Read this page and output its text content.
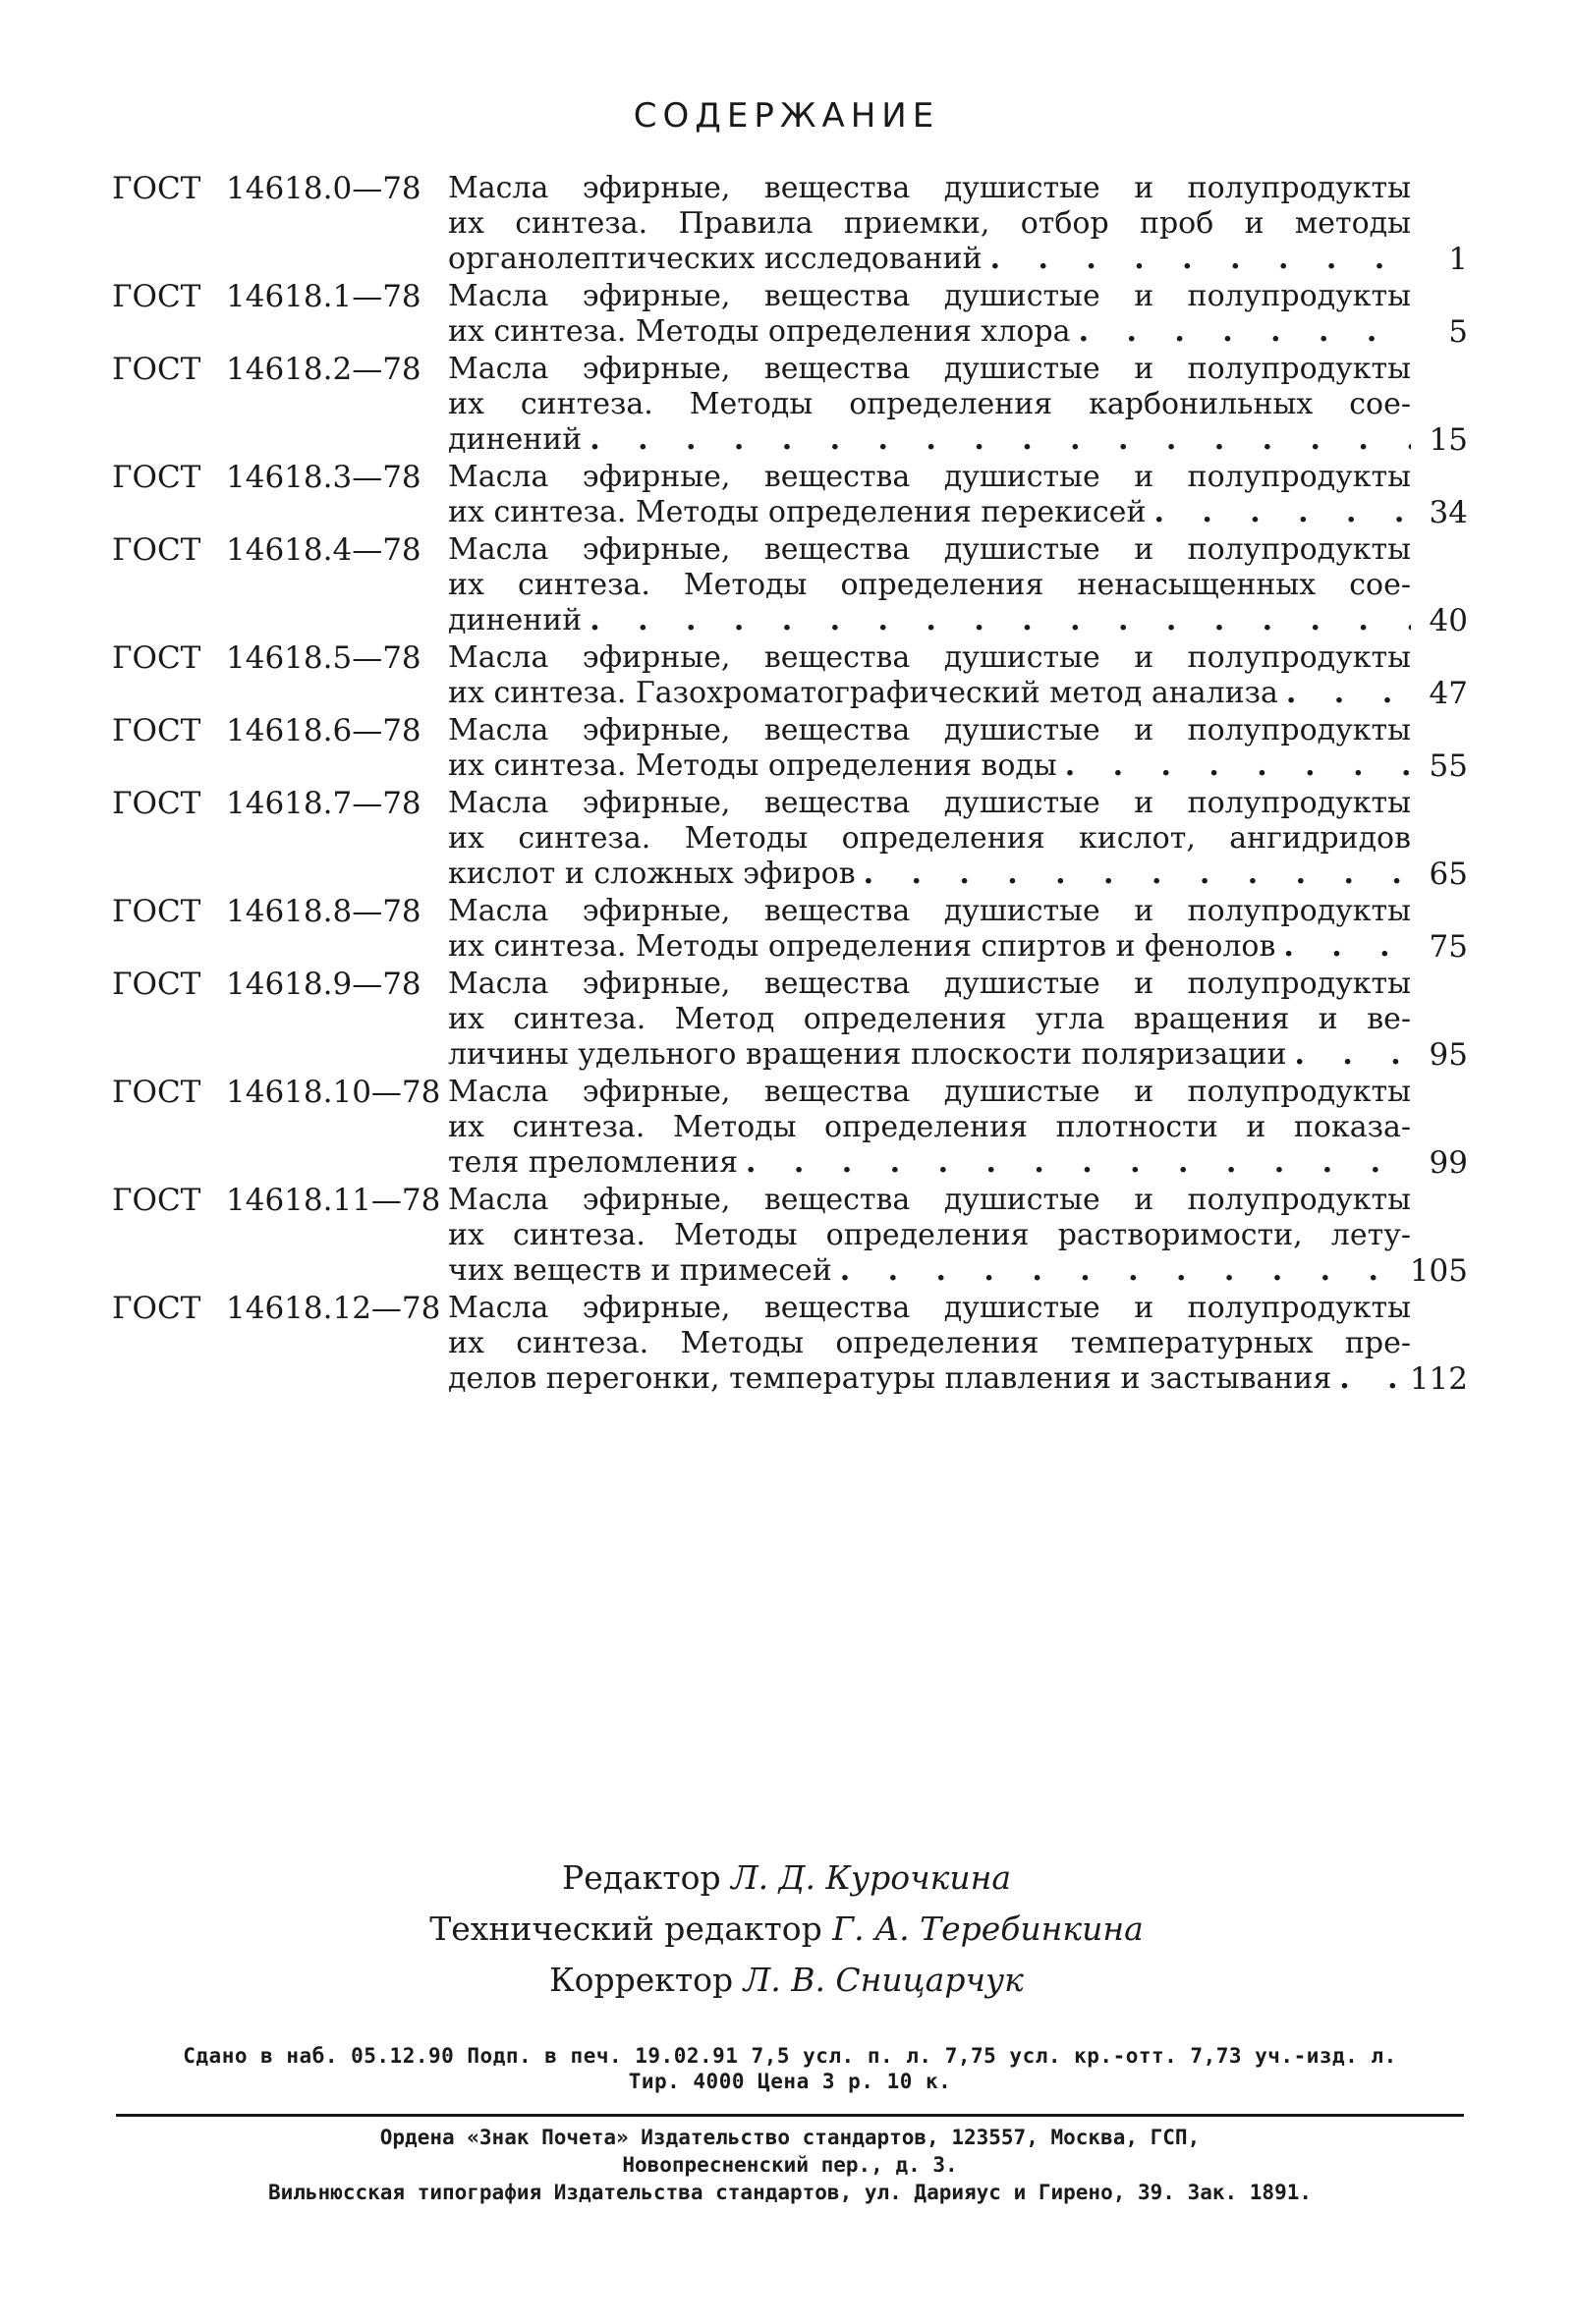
СОДЕРЖАНИЕ
ГОСТ 14618.0—78 Масла эфирные, вещества душистые и полупродукты
их синтеза. Правила приемки, отбор проб и методы
органолептических исследований . . .	1
ГОСТ 14618.1—78 Масла эфирные, вещества душистые и полупродукты
их синтеза. Методы определения хлора . . .	5
ГОСТ 14618.2—78 Масла эфирные, вещества душистые и полупродукты
их синтеза. Методы определения карбонильных сое-
динений . . .	15
ГОСТ 14618.3—78 Масла эфирные, вещества душистые и полупродукты
их синтеза. Методы определения перекисей . . .	34
ГОСТ 14618.4—78 Масла эфирные, вещества душистые и полупродукты
их синтеза. Методы определения ненасыщенных сое-
динений . . .	40
ГОСТ 14618.5—78 Масла эфирные, вещества душистые и полупродукты
их синтеза. Газохроматографический метод анализа . . .	47
ГОСТ 14618.6—78 Масла эфирные, вещества душистые и полупродукты
их синтеза. Методы определения воды . . .	55
ГОСТ 14618.7—78 Масла эфирные, вещества душистые и полупродукты
их синтеза. Методы определения кислот, ангидридов
кислот и сложных эфиров . . .	65
ГОСТ 14618.8—78 Масла эфирные, вещества душистые и полупродукты
их синтеза. Методы определения спиртов и фенолов . . .	75
ГОСТ 14618.9—78 Масла эфирные, вещества душистые и полупродукты
их синтеза. Метод определения угла вращения и ве-
личины удельного вращения плоскости поляризации . . .	95
ГОСТ 14618.10—78 Масла эфирные, вещества душистые и полупродукты
их синтеза. Методы определения плотности и показа-
теля преломления . . .	99
ГОСТ 14618.11—78 Масла эфирные, вещества душистые и полупродукты
их синтеза. Методы определения растворимости, лету-
чих веществ и примесей . . .	105
ГОСТ 14618.12—78 Масла эфирные, вещества душистые и полупродукты
их синтеза. Методы определения температурных пре-
делов перегонки, температуры плавления и застывания . . .	112
Редактор Л. Д. Курочкина
Технический редактор Г. А. Теребинкина
Корректор Л. В. Сницарчук
Сдано в наб. 05.12.90 Подп. в печ. 19.02.91 7,5 усл. п. л. 7,75 усл. кр.-отт. 7,73 уч.-изд. л.
Тир. 4000 Цена 3 р. 10 к.
Ордена «Знак Почета» Издательство стандартов, 123557, Москва, ГСП,
Новопресненский пер., д. 3.
Вильнюсская типография Издательства стандартов, ул. Дарияус и Гирено, 39. Зак. 1891.
